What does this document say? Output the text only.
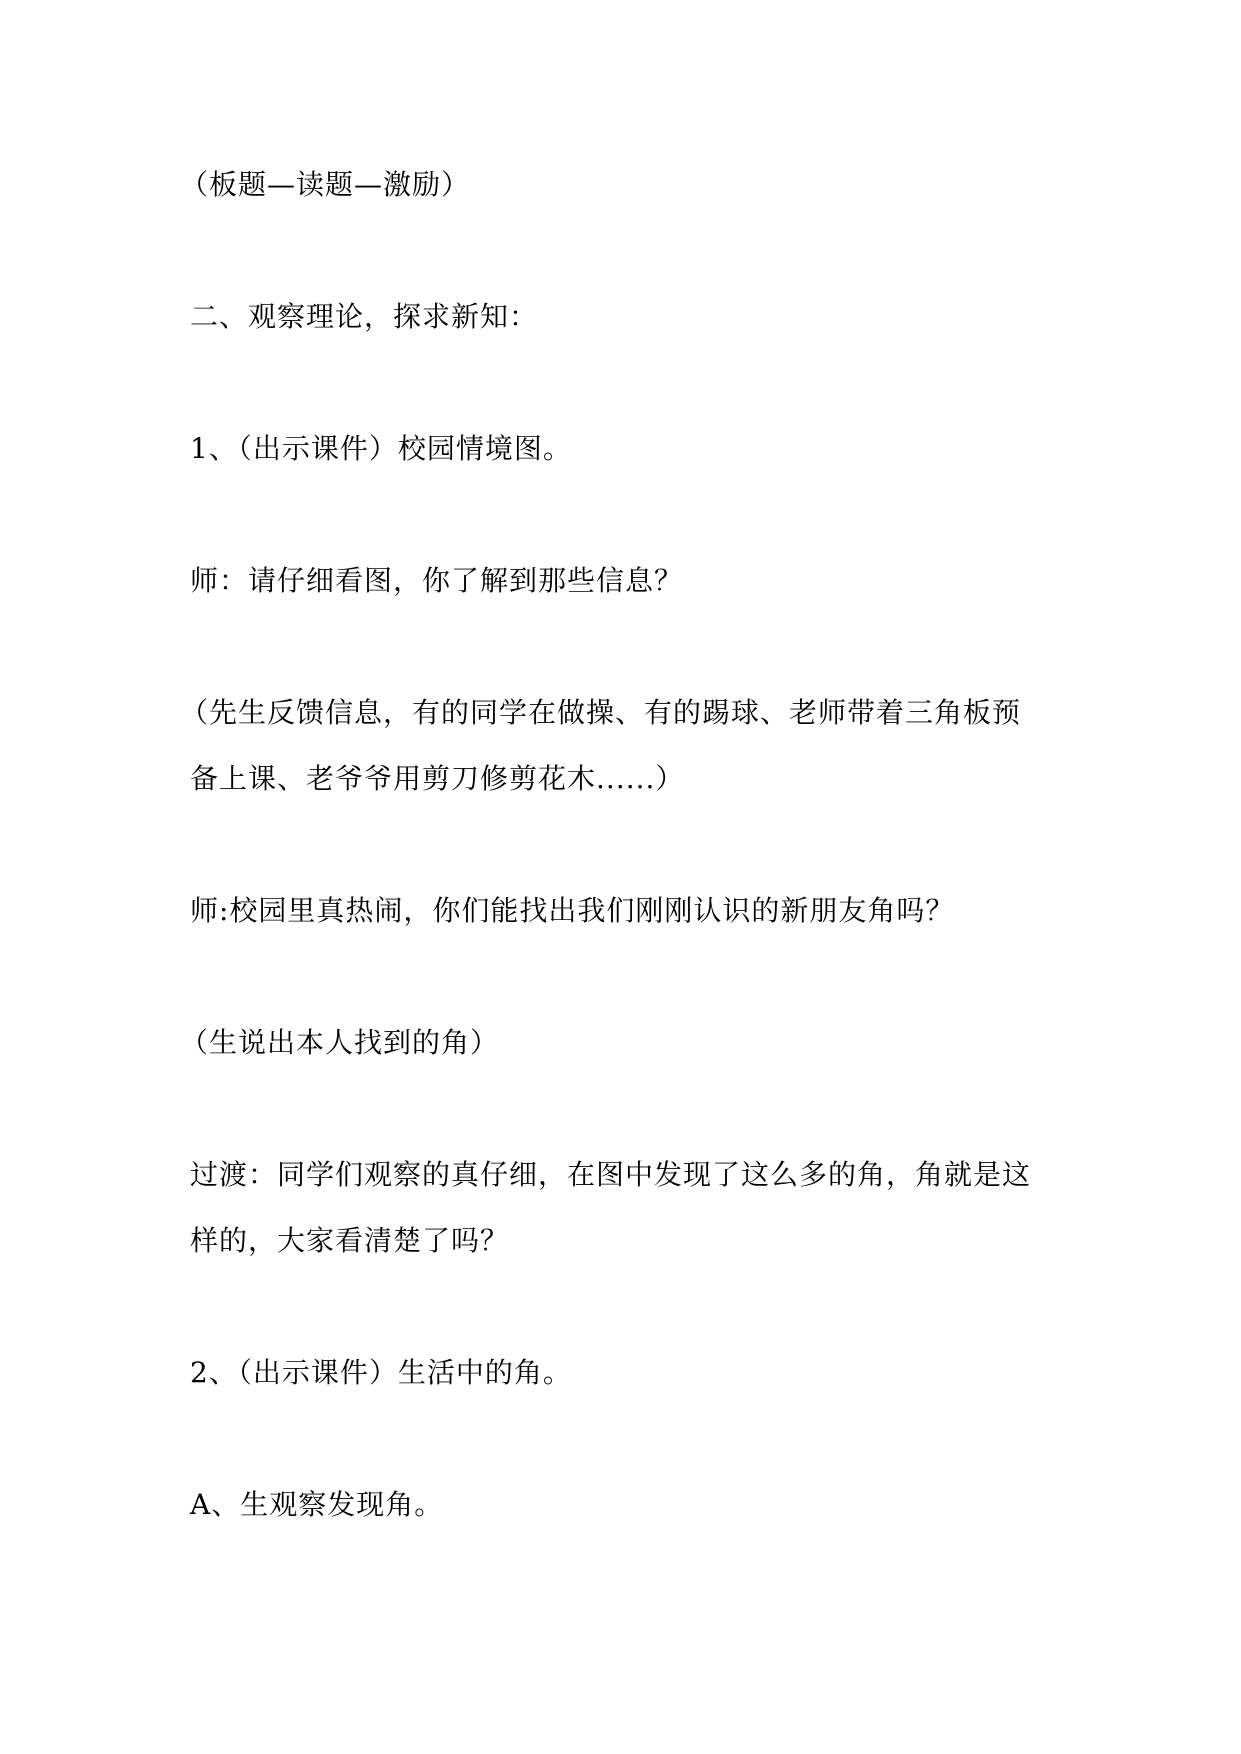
（板题—读题—激励）
二、观察理论，探求新知：
1、（出示课件）校园情境图。
师：请仔细看图，你了解到那些信息？
（先生反馈信息，有的同学在做操、有的踢球、老师带着三角板预
备上课、老爷爷用剪刀修剪花木......）
师:校园里真热闹，你们能找出我们刚刚认识的新朋友角吗？
（生说出本人找到的角）
过渡：同学们观察的真仔细，在图中发现了这么多的角，角就是这
样的，大家看清楚了吗？
2、（出示课件）生活中的角。
A、生观察发现角。
